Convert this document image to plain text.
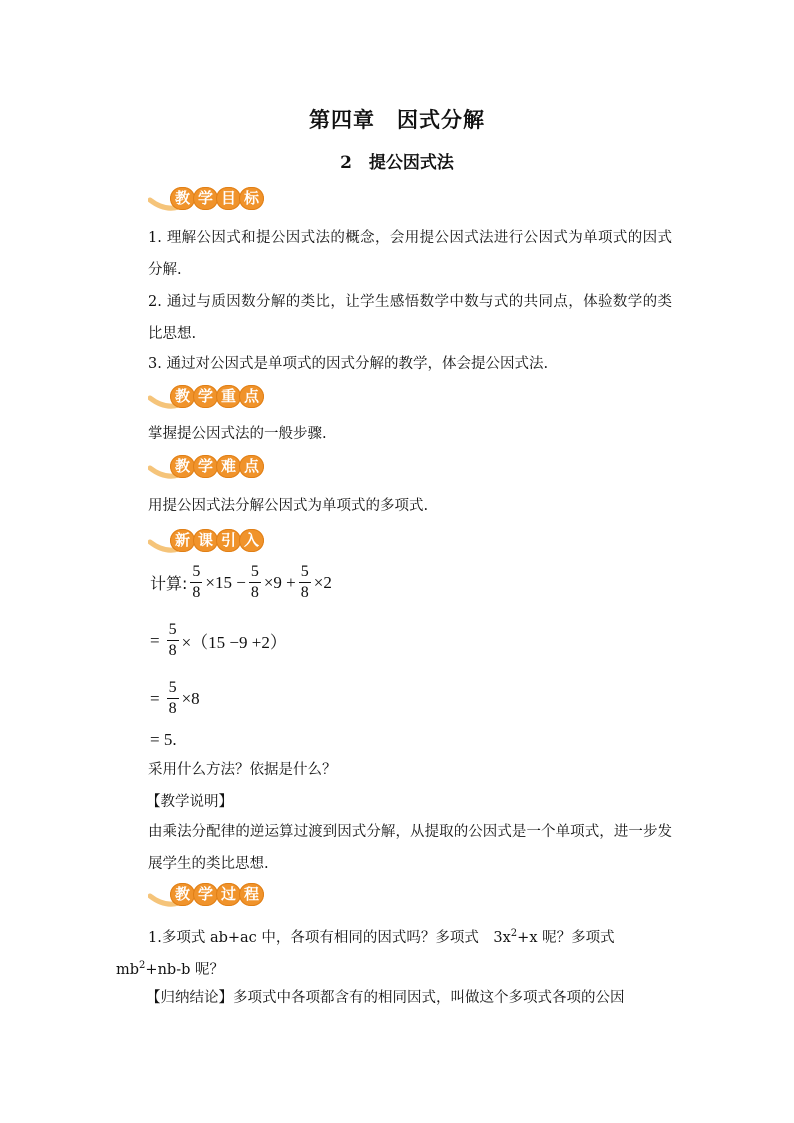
第四章　因式分解
2　提公因式法
教 学 目 标
1. 理解公因式和提公因式法的概念，会用提公因式法进行公因式为单项式的因式分解.
2. 通过与质因数分解的类比，让学生感悟数学中数与式的共同点，体验数学的类比思想.
3. 通过对公因式是单项式的因式分解的教学，体会提公因式法.
教 学 重 点
掌握提公因式法的一般步骤.
教 学 难 点
用提公因式法分解公因式为单项式的多项式.
新 课 引 入
计算: $\frac{5}{8} \times 15 - \frac{5}{8} \times 9 + \frac{5}{8} \times 2$
= $\frac{5}{8} \times(15 -9 +2)$
= $\frac{5}{8} \times 8$
= 5.
采用什么方法？依据是什么？
【教学说明】
由乘法分配律的逆运算过渡到因式分解，从提取的公因式是一个单项式，进一步发展学生的类比思想.
教 学 过 程
1.多项式 ab+ac 中，各项有相同的因式吗？多项式　$3x^2+x$ 呢？多项式
$mb^2+nb-b$ 呢？
【归纳结论】多项式中各项都含有的相同因式，叫做这个多项式各项的公因
